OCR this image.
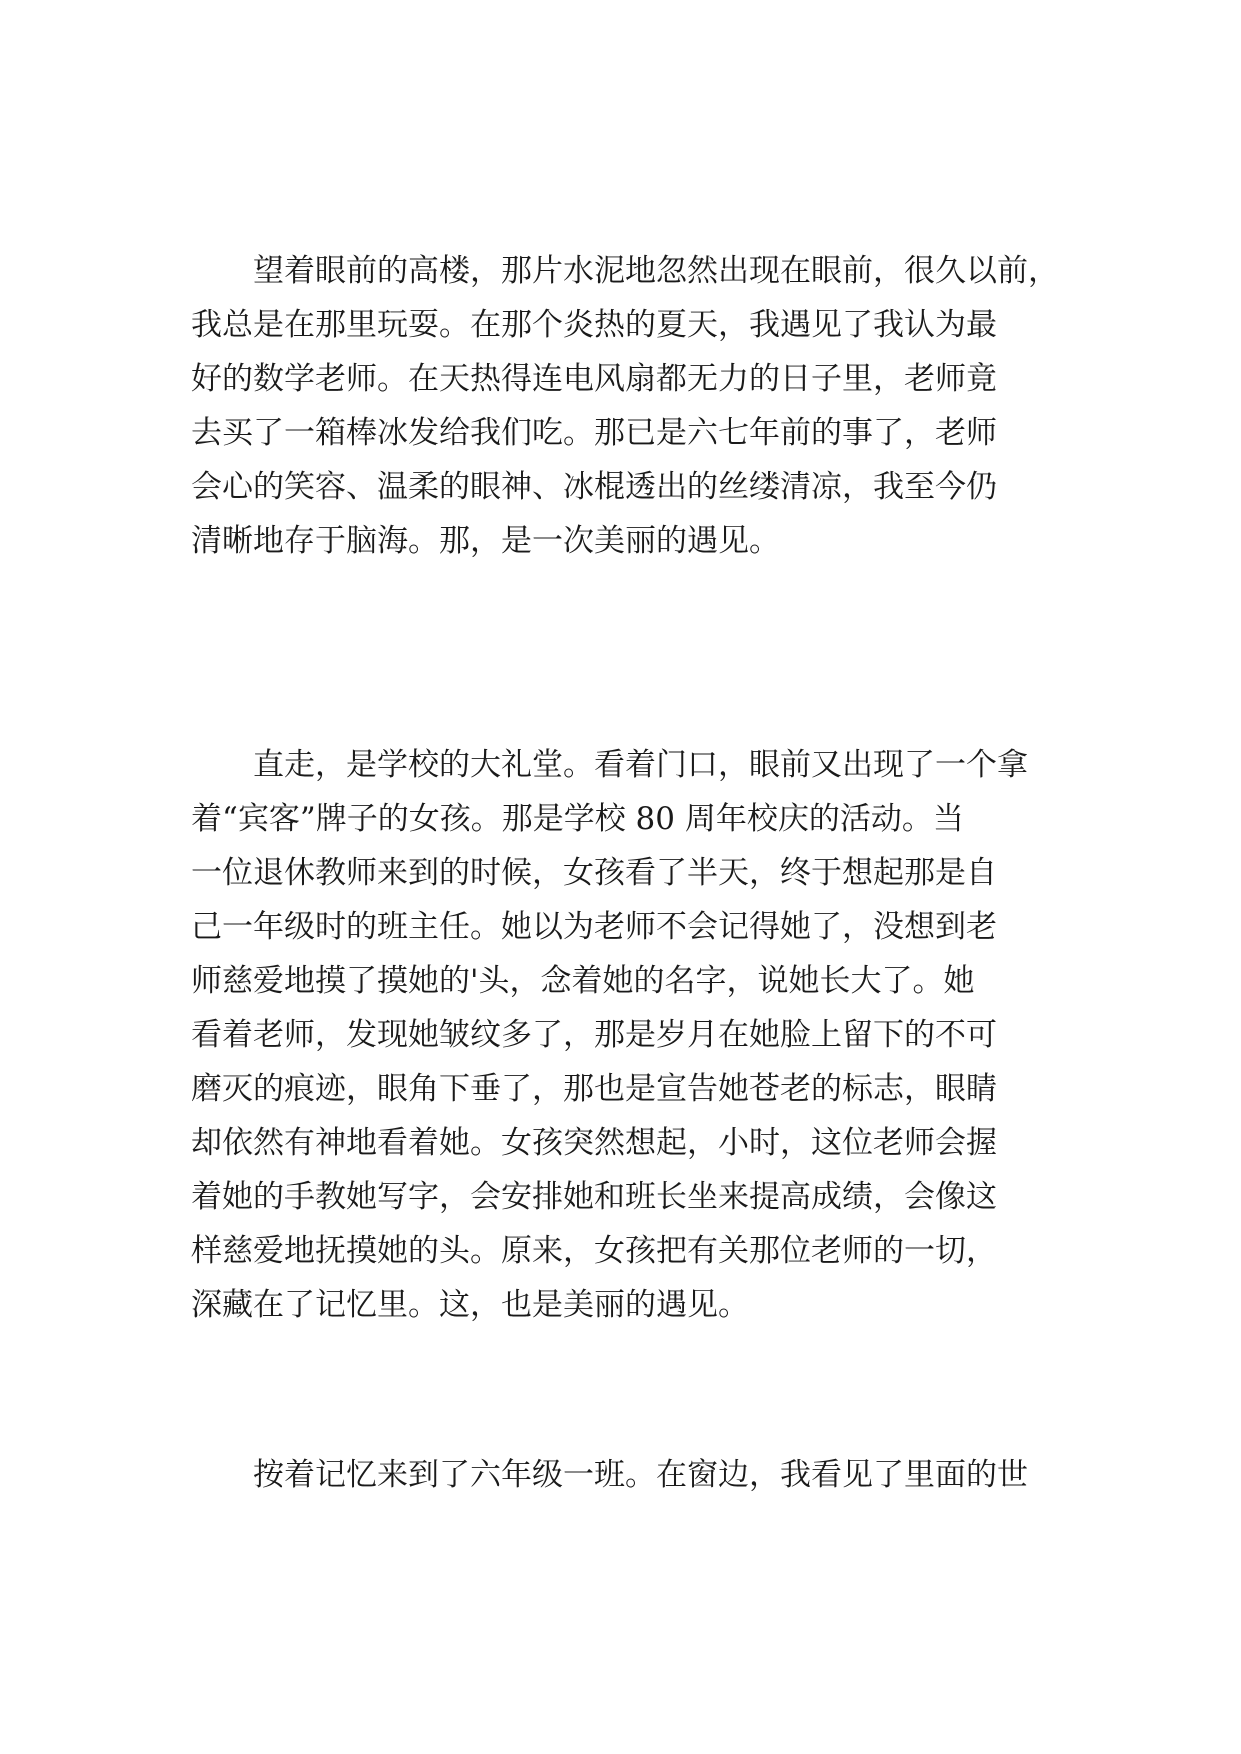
　　望着眼前的高楼，那片水泥地忽然出现在眼前，很久以前，
我总是在那里玩耍。在那个炎热的夏天，我遇见了我认为最
好的数学老师。在天热得连电风扇都无力的日子里，老师竟
去买了一箱棒冰发给我们吃。那已是六七年前的事了，老师
会心的笑容、温柔的眼神、冰棍透出的丝缕清凉，我至今仍
清晰地存于脑海。那，是一次美丽的遇见。
　　直走，是学校的大礼堂。看着门口，眼前又出现了一个拿
着“宾客”牌子的女孩。那是学校 80 周年校庆的活动。当
一位退休教师来到的时候，女孩看了半天，终于想起那是自
己一年级时的班主任。她以为老师不会记得她了，没想到老
师慈爱地摸了摸她的'头，念着她的名字，说她长大了。她
看着老师，发现她皱纹多了，那是岁月在她脸上留下的不可
磨灭的痕迹，眼角下垂了，那也是宣告她苍老的标志，眼睛
却依然有神地看着她。女孩突然想起，小时，这位老师会握
着她的手教她写字，会安排她和班长坐来提高成绩，会像这
样慈爱地抚摸她的头。原来，女孩把有关那位老师的一切，
深藏在了记忆里。这，也是美丽的遇见。
　　按着记忆来到了六年级一班。在窗边，我看见了里面的世
